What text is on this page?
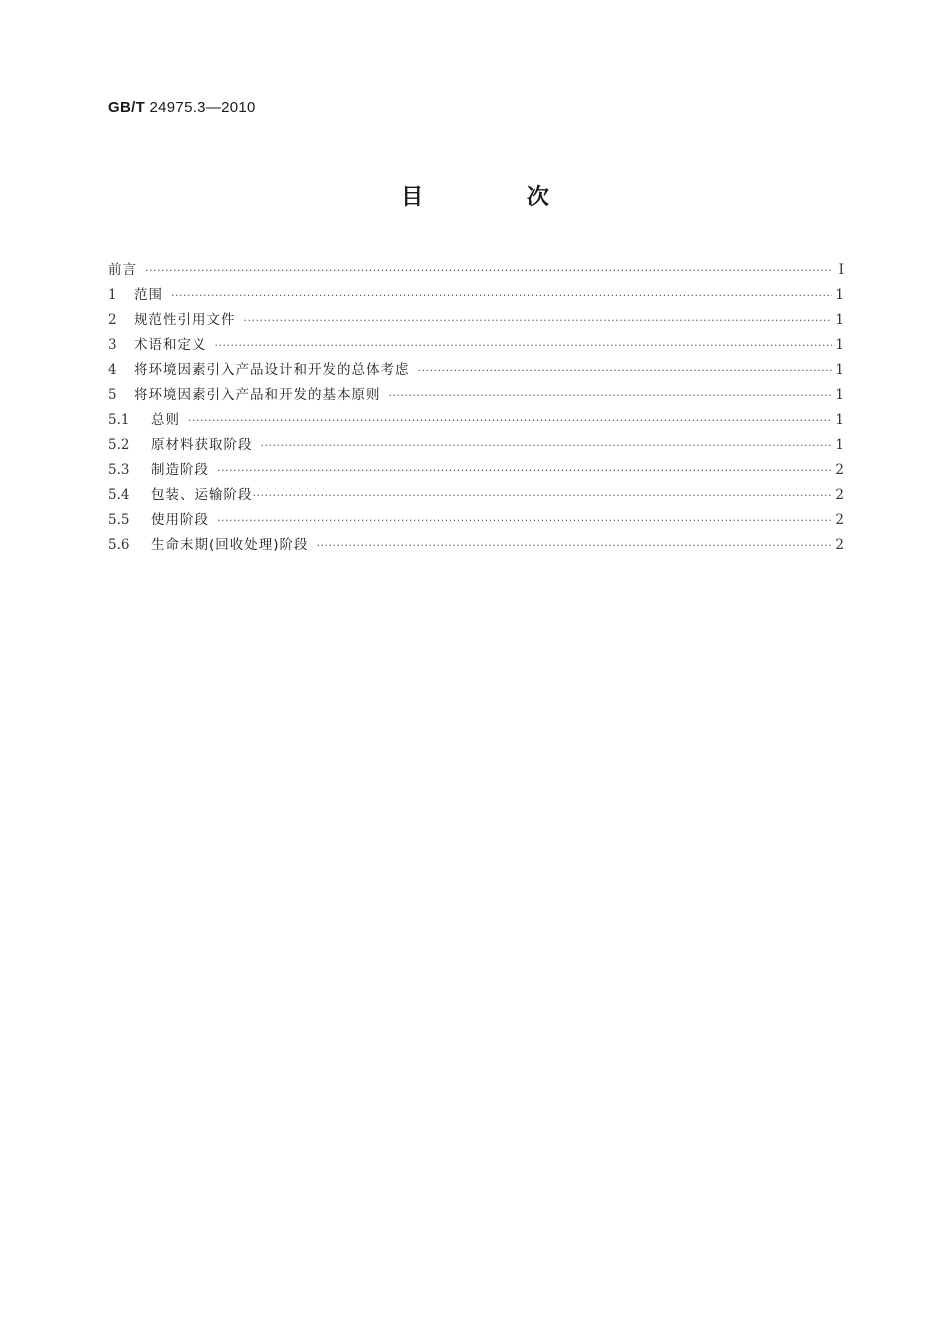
GB/T 24975.3—2010
目 次
前言 ·····	Ⅰ
1	范围 ·····	1
2	规范性引用文件 ·····	1
3	术语和定义 ·····	1
4	将环境因素引入产品设计和开发的总体考虑 ·····	1
5	将环境因素引入产品和开发的基本原则 ·····	1
5.1	总则 ·····	1
5.2	原材料获取阶段 ·····	1
5.3	制造阶段 ·····	2
5.4	包装、运输阶段 ·····	2
5.5	使用阶段 ·····	2
5.6	生命末期(回收处理)阶段 ·····	2
